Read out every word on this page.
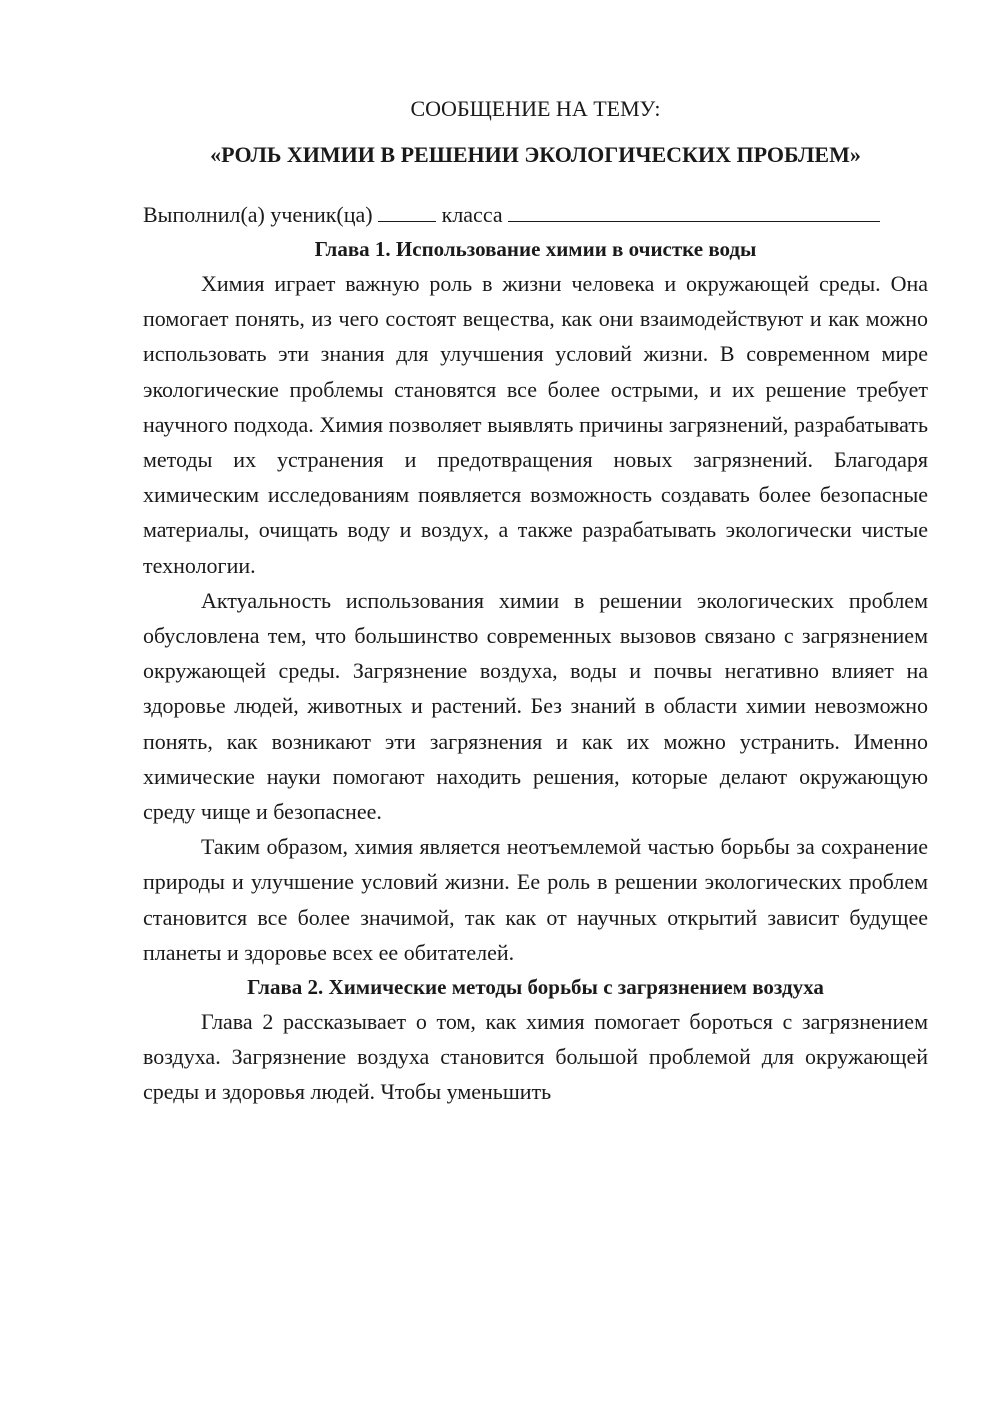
СООБЩЕНИЕ НА ТЕМУ:
«РОЛЬ ХИМИИ В РЕШЕНИИ ЭКОЛОГИЧЕСКИХ ПРОБЛЕМ»
Выполнил(а) ученик(ца)	класса
Глава 1. Использование химии в очистке воды

Химия играет важную роль в жизни человека и окружающей среды. Она помогает понять, из чего состоят вещества, как они взаимодействуют и как можно использовать эти знания для улучшения условий жизни. В современном мире экологические проблемы становятся все более острыми, и их решение требует научного подхода. Химия позволяет выявлять причины загрязнений, разрабатывать методы их устранения и предотвращения новых загрязнений. Благодаря химическим исследованиям появляется возможность создавать более безопасные материалы, очищать воду и воздух, а также разрабатывать экологически чистые технологии.

Актуальность использования химии в решении экологических проблем обусловлена тем, что большинство современных вызовов связано с загрязнением окружающей среды. Загрязнение воздуха, воды и почвы негативно влияет на здоровье людей, животных и растений. Без знаний в области химии невозможно понять, как возникают эти загрязнения и как их можно устранить. Именно химические науки помогают находить решения, которые делают окружающую среду чище и безопаснее.

Таким образом, химия является неотъемлемой частью борьбы за сохранение природы и улучшение условий жизни. Ее роль в решении экологических проблем становится все более значимой, так как от научных открытий зависит будущее планеты и здоровье всех ее обитателей.

Глава 2. Химические методы борьбы с загрязнением воздуха

Глава 2 рассказывает о том, как химия помогает бороться с загрязнением воздуха. Загрязнение воздуха становится большой проблемой для окружающей среды и здоровья людей. Чтобы уменьшить
